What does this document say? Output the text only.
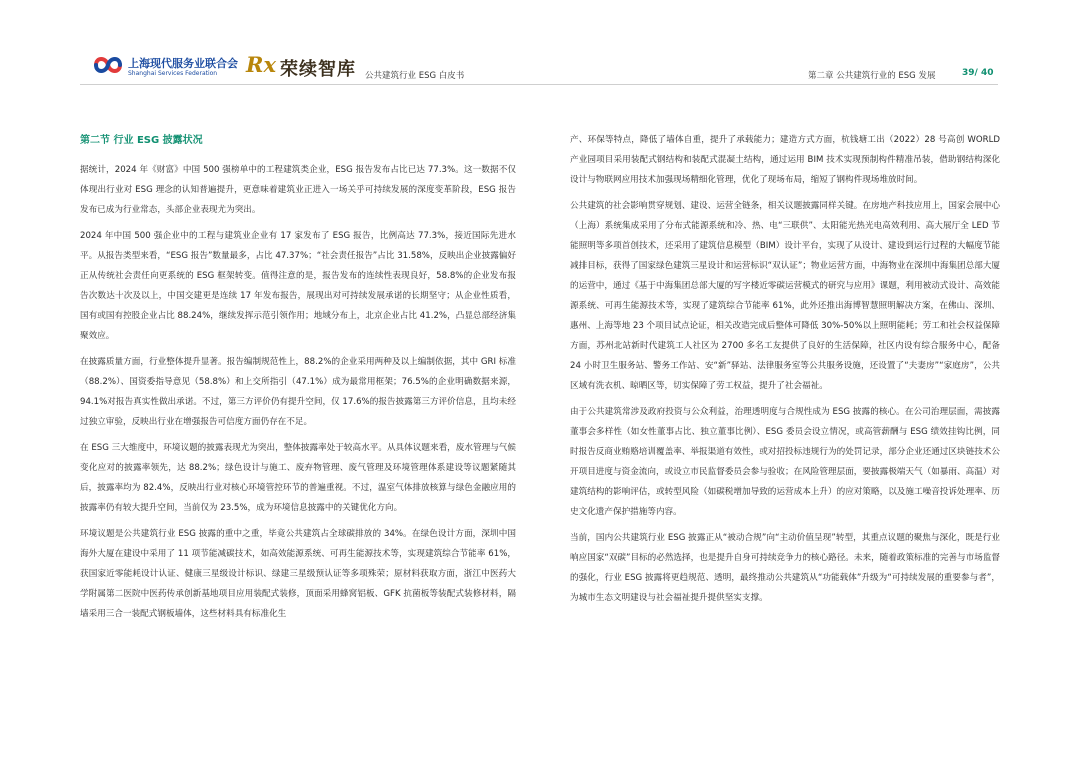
上海现代服务业联合会
Shanghai Services Federation Rx 荣续智库 公共建筑行业 ESG 白皮书	第二章 公共建筑行业的 ESG 发展	39/ 40
第二节 行业 ESG 披露状况

据统计，2024 年《财富》中国 500 强榜单中的工程建筑类企业，ESG 报告发布占比已达 77.3%。这一数据不仅体现出行业对 ESG 理念的认知普遍提升，更意味着建筑业正进入一场关乎可持续发展的深度变革阶段，ESG 报告发布已成为行业常态，头部企业表现尤为突出。

2024 年中国 500 强企业中的工程与建筑业企业有 17 家发布了 ESG 报告，比例高达 77.3%，接近国际先进水平。从报告类型来看，“ESG 报告”数量最多，占比 47.37%；“社会责任报告”占比 31.58%，反映出企业披露偏好正从传统社会责任向更系统的 ESG 框架转变。值得注意的是，报告发布的连续性表现良好，58.8%的企业发布报告次数达十次及以上，中国交建更是连续 17 年发布报告，展现出对可持续发展承诺的长期坚守；从企业性质看，国有或国有控股企业占比 88.24%，继续发挥示范引领作用；地域分布上，北京企业占比 41.2%，凸显总部经济集聚效应。

在披露质量方面，行业整体提升显著。报告编制规范性上，88.2%的企业采用两种及以上编制依据，其中 GRI 标准（88.2%）、国资委指导意见（58.8%）和上交所指引（47.1%）成为最常用框架；76.5%的企业明确数据来源，94.1%对报告真实性做出承诺。不过，第三方评价仍有提升空间，仅 17.6%的报告披露第三方评价信息，且均未经过独立审验，反映出行业在增强报告可信度方面仍存在不足。

在 ESG 三大维度中，环境议题的披露表现尤为突出，整体披露率处于较高水平。从具体议题来看，废水管理与气候变化应对的披露率领先，达 88.2%；绿色设计与施工、废弃物管理、废气管理及环境管理体系建设等议题紧随其后，披露率均为 82.4%，反映出行业对核心环境管控环节的普遍重视。不过，温室气体排放核算与绿色金融应用的披露率仍有较大提升空间，当前仅为 23.5%，成为环境信息披露中的关键优化方向。

环境议题是公共建筑行业 ESG 披露的重中之重，毕竟公共建筑占全球碳排放的 34%。在绿色设计方面，深圳中国海外大厦在建设中采用了 11 项节能减碳技术，如高效能源系统、可再生能源技术等，实现建筑综合节能率 61%，获国家近零能耗设计认证、健康三星级设计标识、绿建三星级预认证等多项殊荣；原材料获取方面，浙江中医药大学附属第二医院中医药传承创新基地项目应用装配式装修，顶面采用蜂窝铝板、GFK 抗菌板等装配式装修材料，隔墙采用三合一装配式钢板墙体，这些材料具有标准化生

产、环保等特点，降低了墙体自重，提升了承载能力；建造方式方面，杭钱塘工出（2022）28 号高创 WORLD 产业园项目采用装配式钢结构和装配式混凝土结构，通过运用 BIM 技术实现预制构件精准吊装，借助钢结构深化设计与物联网应用技术加强现场精细化管理，优化了现场布局，缩短了钢构件现场堆放时间。

公共建筑的社会影响贯穿规划、建设、运营全链条，相关议题披露同样关键。在房地产科技应用上，国家会展中心（上海）系统集成采用了分布式能源系统和冷、热、电“三联供”、太阳能光热光电高效利用、高大展厅全 LED 节能照明等多项首创技术，还采用了建筑信息模型（BIM）设计平台，实现了从设计、建设到运行过程的大幅度节能减排目标，获得了国家绿色建筑三星设计和运营标识“双认证”；物业运营方面，中海物业在深圳中海集团总部大厦的运营中，通过《基于中海集团总部大厦的写字楼近零碳运营模式的研究与应用》课题，利用被动式设计、高效能源系统、可再生能源技术等，实现了建筑综合节能率 61%，此外还推出海博智慧照明解决方案，在佛山、深圳、惠州、上海等地 23 个项目试点论证，相关改造完成后整体可降低 30%-50%以上照明能耗；劳工和社会权益保障方面，苏州北站新时代建筑工人社区为 2700 多名工友提供了良好的生活保障，社区内设有综合服务中心，配备 24 小时卫生服务站、警务工作站、安“新”驿站、法律服务室等公共服务设施，还设置了“夫妻房”“家庭房”，公共区域有洗衣机、晾晒区等，切实保障了劳工权益，提升了社会福祉。

由于公共建筑常涉及政府投资与公众利益，治理透明度与合规性成为 ESG 披露的核心。在公司治理层面，需披露董事会多样性（如女性董事占比、独立董事比例）、ESG 委员会设立情况，或高管薪酬与 ESG 绩效挂钩比例，同时报告反商业贿赂培训覆盖率、举报渠道有效性，或对招投标违规行为的处罚记录，部分企业还通过区块链技术公开项目进度与资金流向，或设立市民监督委员会参与验收；在风险管理层面，要披露极端天气（如暴雨、高温）对建筑结构的影响评估，或转型风险（如碳税增加导致的运营成本上升）的应对策略，以及施工噪音投诉处理率、历史文化遗产保护措施等内容。

当前，国内公共建筑行业 ESG 披露正从“被动合规”向“主动价值呈现”转型，其重点议题的聚焦与深化，既是行业响应国家“双碳”目标的必然选择，也是提升自身可持续竞争力的核心路径。未来，随着政策标准的完善与市场监督的强化，行业 ESG 披露将更趋规范、透明，最终推动公共建筑从“功能载体”升级为“可持续发展的重要参与者”，为城市生态文明建设与社会福祉提升提供坚实支撑。
